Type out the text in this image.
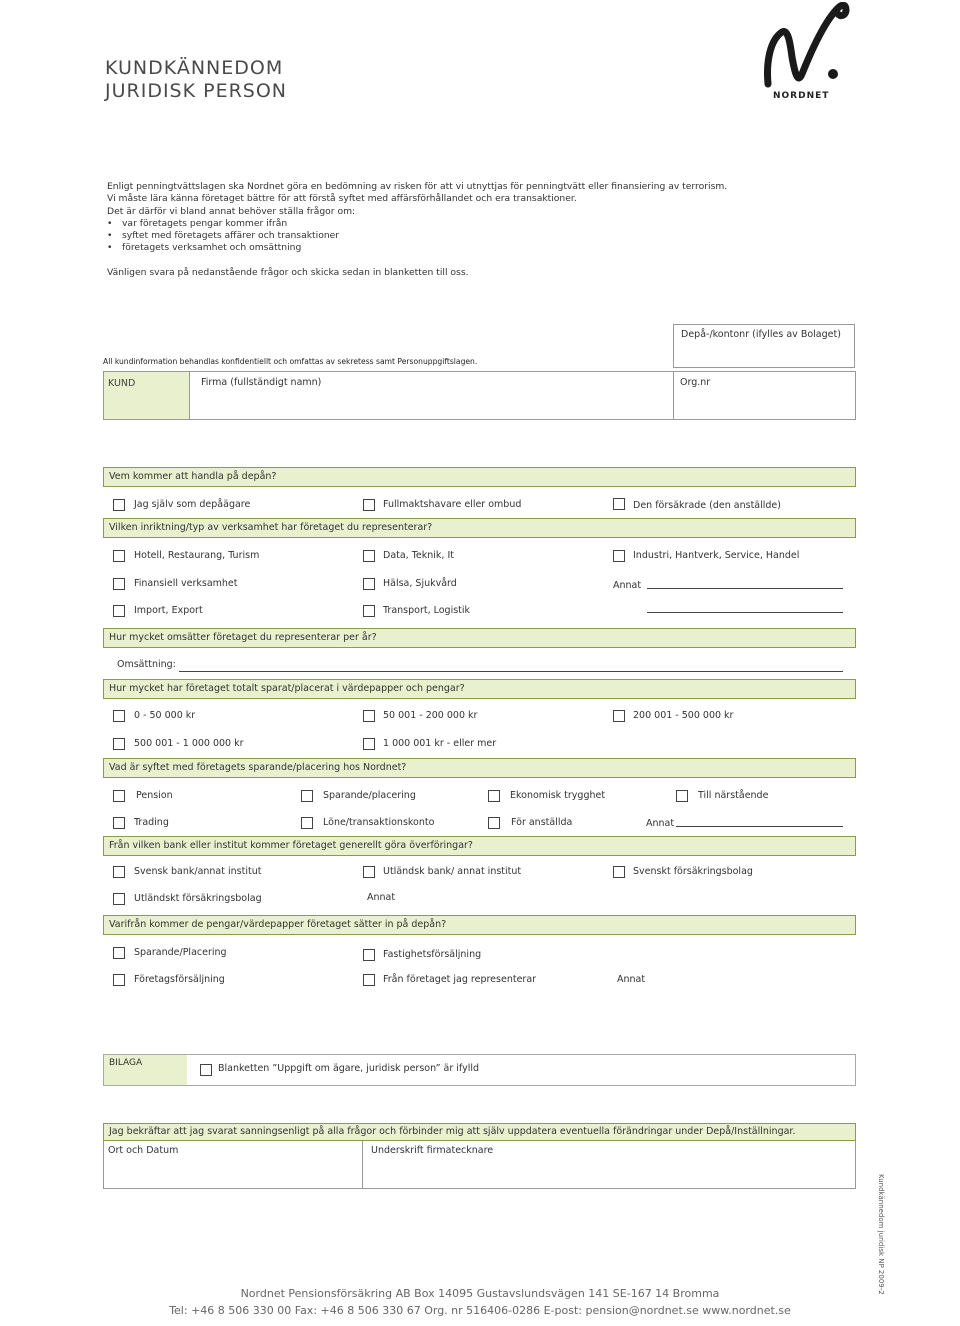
KUNDKÄNNEDOM
JURIDISK PERSON	NORDNET

Enligt penningtvättslagen ska Nordnet göra en bedömning av risken för att vi utnyttjas för penningtvätt eller finansiering av terrorism.

Vi måste lära känna företaget bättre för att förstå syftet med affärsförhållandet och era transaktioner.

Det är därför vi bland annat behöver ställa frågor om:

• var företagets pengar kommer ifrån
• syftet med företagets affärer och transaktioner
• företagets verksamhet och omsättning

Vänligen svara på nedanstående frågor och skicka sedan in blanketten till oss.

Depå-/kontonr (ifylles av Bolaget)
All kundinformation behandlas konfidentiellt och omfattas av sekretess samt Personuppgiftslagen.
KUND	Firma (fullständigt namn)	Org.nr
Vem kommer att handla på depån?
Jag själv som depåägare	Fullmaktshavare eller ombud	Den försäkrade (den anställde)
Vilken inriktning/typ av verksamhet har företaget du representerar?
Hotell, Restaurang, Turism	Data, Teknik, It	Industri, Hantverk, Service, Handel
Finansiell verksamhet	Hälsa, Sjukvård	Annat
Import, Export	Transport, Logistik
Hur mycket omsätter företaget du representerar per år?
Omsättning:
Hur mycket har företaget totalt sparat/placerat i värdepapper och pengar?
0 - 50 000 kr	50 001 - 200 000 kr	200 001 - 500 000 kr
500 001 - 1 000 000 kr	1 000 001 kr - eller mer
Vad är syftet med företagets sparande/placering hos Nordnet?
Pension	Sparande/placering	Ekonomisk trygghet	Till närstående
Trading	Löne/transaktionskonto	För anställda	Annat
Från vilken bank eller institut kommer företaget generellt göra överföringar?
Svensk bank/annat institut	Utländsk bank/ annat institut	Svenskt försäkringsbolag
Utländskt försäkringsbolag	Annat
Varifrån kommer de pengar/värdepapper företaget sätter in på depån?
Sparande/Placering	Fastighetsförsäljning
Företagsförsäljning	Från företaget jag representerar	Annat
BILAGA	Blanketten ”Uppgift om ägare, juridisk person” är ifylld
Jag bekräftar att jag svarat sanningsenligt på alla frågor och förbinder mig att själv uppdatera eventuella förändringar under Depå/Inställningar.
Ort och Datum	Underskrift firmatecknare
Kundkännedom juridisk NP 2009-2
Nordnet Pensionsförsäkring AB Box 14095 Gustavslundsvägen 141 SE-167 14 Bromma
Tel: +46 8 506 330 00 Fax: +46 8 506 330 67 Org. nr 516406-0286 E-post: pension@nordnet.se www.nordnet.se
